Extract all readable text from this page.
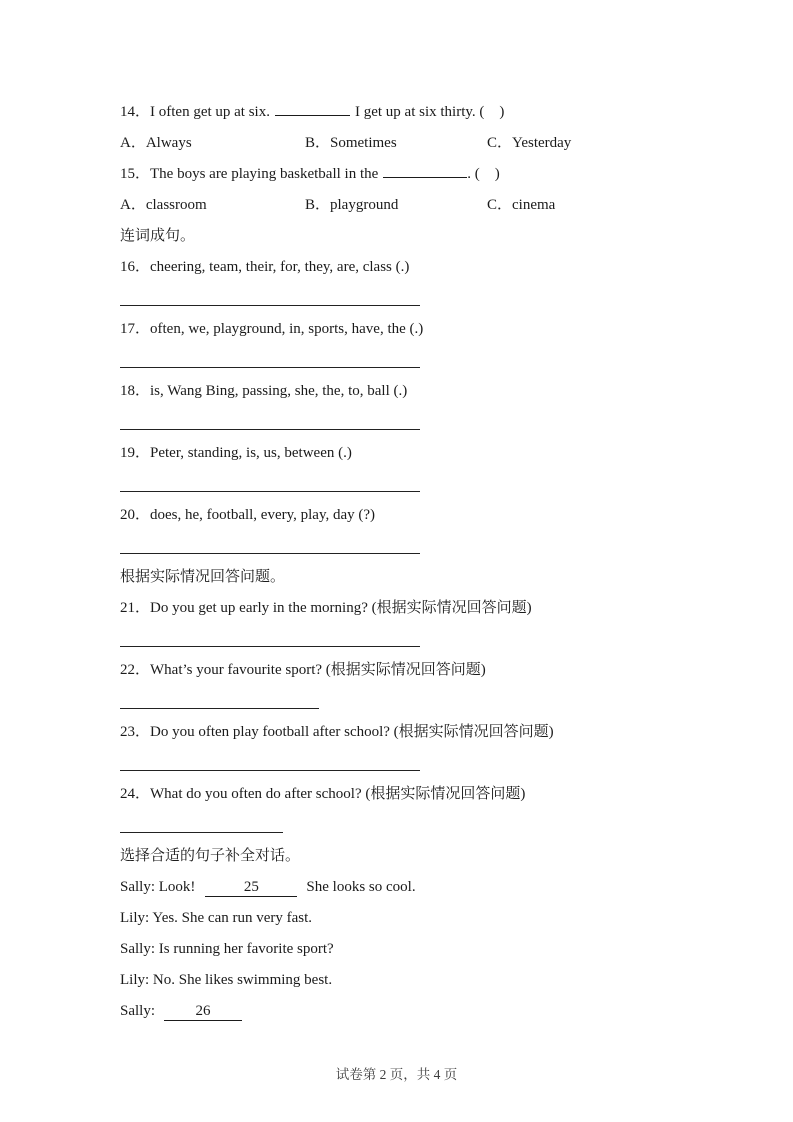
14．I often get up at six.	I get up at six thirty. (　)
A．Always	B．Sometimes	C．Yesterday
15．The boys are playing basketball in the	. (　)
A．classroom	B．playground	C．cinema
连词成句。
16．cheering, team, their, for, they, are, class (.)
17．often, we, playground, in, sports, have, the (.)
18．is, Wang Bing, passing, she, the, to, ball (.)
19．Peter, standing, is, us, between (.)
20．does, he, football, every, play, day (?)
根据实际情况回答问题。
21．Do you get up early in the morning? (根据实际情况回答问题)
22．What’s your favourite sport? (根据实际情况回答问题)
23．Do you often play football after school? (根据实际情况回答问题)
24．What do you often do after school? (根据实际情况回答问题)
选择合适的句子补全对话。
Sally: Look!	25	She looks so cool.
Lily: Yes. She can run very fast.
Sally: Is running her favorite sport?
Lily: No. She likes swimming best.
Sally:	26
试卷第 2 页，共 4 页
